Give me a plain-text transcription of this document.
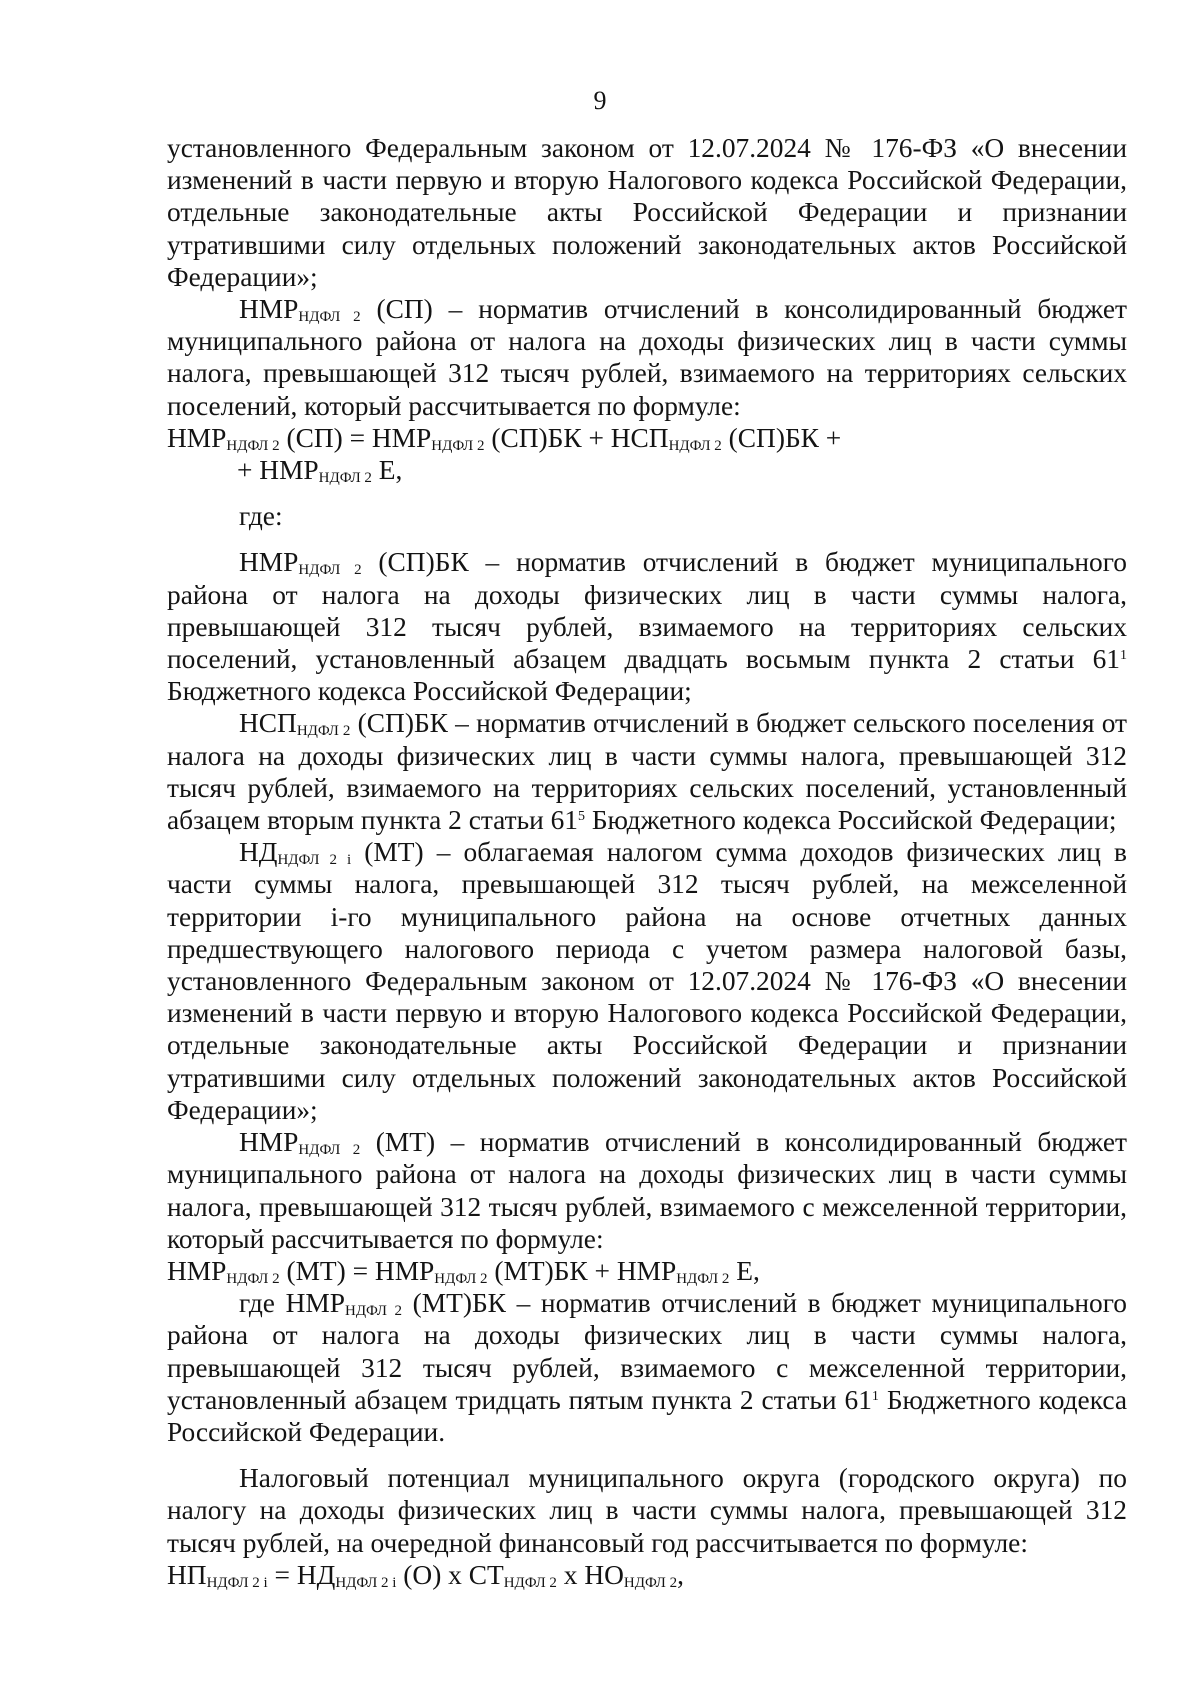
9

установленного Федеральным законом от 12.07.2024 № 176-ФЗ «О внесении изменений в части первую и вторую Налогового кодекса Российской Федерации, отдельные законодательные акты Российской Федерации и признании утратившими силу отдельных положений законодательных актов Российской Федерации»;

$НМР_{НДФЛ 2}$ (СП) – норматив отчислений в консолидированный бюджет муниципального района от налога на доходы физических лиц в части суммы налога, превышающей 312 тысяч рублей, взимаемого на территориях сельских поселений, который рассчитывается по формуле:

$НМР_{НДФЛ 2}$ $(СП) = НМР_{НДФЛ 2}$ $(СП)БК + НСП_{НДФЛ 2}$ (СП)БК +

+ $НМР_{НДФЛ 2}$ Е,

где:

$НМР_{НДФЛ 2}$ (СП)БК – норматив отчислений в бюджет муниципального района от налога на доходы физических лиц в части суммы налога, превышающей 312 тысяч рублей, взимаемого на территориях сельских поселений, установленный абзацем двадцать восьмым пункта 2 статьи $61^1$ Бюджетного кодекса Российской Федерации;

$НСП_{НДФЛ 2}$ (СП)БК – норматив отчислений в бюджет сельского поселения от налога на доходы физических лиц в части суммы налога, превышающей 312 тысяч рублей, взимаемого на территориях сельских поселений, установленный абзацем вторым пункта 2 статьи $61^5$ Бюджетного кодекса Российской Федерации;

$НД_{НДФЛ 2 i}$ (МТ) – облагаемая налогом сумма доходов физических лиц в части суммы налога, превышающей 312 тысяч рублей, на межселенной территории i-го муниципального района на основе отчетных данных предшествующего налогового периода с учетом размера налоговой базы, установленного Федеральным законом от 12.07.2024 № 176-ФЗ «О внесении изменений в части первую и вторую Налогового кодекса Российской Федерации, отдельные законодательные акты Российской Федерации и признании утратившими силу отдельных положений законодательных актов Российской Федерации»;

$НМР_{НДФЛ 2}$ (МТ) – норматив отчислений в консолидированный бюджет муниципального района от налога на доходы физических лиц в части суммы налога, превышающей 312 тысяч рублей, взимаемого с межселенной территории, который рассчитывается по формуле:

$НМР_{НДФЛ 2}$ $(МТ) = НМР_{НДФЛ 2}$ $(МТ)БК + НМР_{НДФЛ 2}$ Е,

где $НМР_{НДФЛ 2}$ (МТ)БК – норматив отчислений в бюджет муниципального района от налога на доходы физических лиц в части суммы налога, превышающей 312 тысяч рублей, взимаемого с межселенной территории, установленный абзацем тридцать пятым пункта 2 статьи $61^1$ Бюджетного кодекса Российской Федерации.

Налоговый потенциал муниципального округа (городского округа) по налогу на доходы физических лиц в части суммы налога, превышающей 312 тысяч рублей, на очередной финансовый год рассчитывается по формуле:

$НП_{НДФЛ 2 i} = НД_{НДФЛ 2 i}$ (О) х $СТ_{НДФЛ 2}$ х $НО_{НДФЛ 2}$,
